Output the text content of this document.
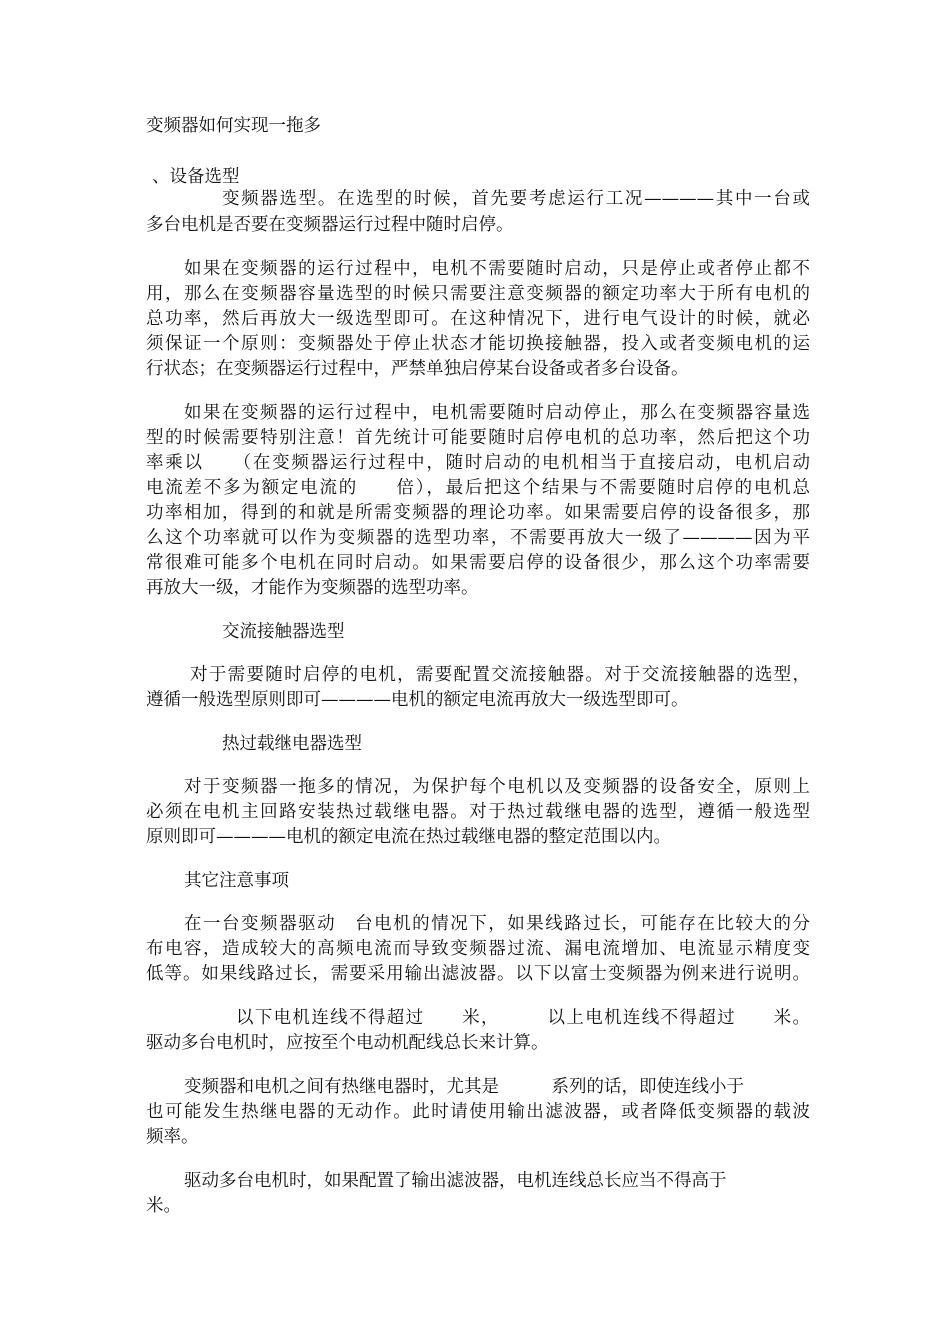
变频器如何实现一拖多
、设备选型
变频器选型。在选型的时候，首先要考虑运行工况————其中一台或
多台电机是否要在变频器运行过程中随时启停。
如果在变频器的运行过程中，电机不需要随时启动，只是停止或者停止都不
用，那么在变频器容量选型的时候只需要注意变频器的额定功率大于所有电机的
总功率，然后再放大一级选型即可。在这种情况下，进行电气设计的时候，就必
须保证一个原则：变频器处于停止状态才能切换接触器，投入或者变频电机的运
行状态；在变频器运行过程中，严禁单独启停某台设备或者多台设备。
如果在变频器的运行过程中，电机需要随时启动停止，那么在变频器容量选
型的时候需要特别注意！首先统计可能要随时启停电机的总功率，然后把这个功
率乘以　　（在变频器运行过程中，随时启动的电机相当于直接启动，电机启动
电流差不多为额定电流的　　倍），最后把这个结果与不需要随时启停的电机总
功率相加，得到的和就是所需变频器的理论功率。如果需要启停的设备很多，那
么这个功率就可以作为变频器的选型功率，不需要再放大一级了————因为平
常很难可能多个电机在同时启动。如果需要启停的设备很少，那么这个功率需要
再放大一级，才能作为变频器的选型功率。
交流接触器选型
对于需要随时启停的电机，需要配置交流接触器。对于交流接触器的选型，
遵循一般选型原则即可————电机的额定电流再放大一级选型即可。
热过载继电器选型
对于变频器一拖多的情况，为保护每个电机以及变频器的设备安全，原则上
必须在电机主回路安装热过载继电器。对于热过载继电器的选型，遵循一般选型
原则即可————电机的额定电流在热过载继电器的整定范围以内。
其它注意事项
在一台变频器驱动　台电机的情况下，如果线路过长，可能存在比较大的分
布电容，造成较大的高频电流而导致变频器过流、漏电流增加、电流显示精度变
低等。如果线路过长，需要采用输出滤波器。以下以富士变频器为例来进行说明。
以下电机连线不得超过　　米，　　　以上电机连线不得超过　　米。
驱动多台电机时，应按至个电动机配线总长来计算。
变频器和电机之间有热继电器时，尤其是　　　系列的话，即使连线小于
也可能发生热继电器的无动作。此时请使用输出滤波器，或者降低变频器的载波
频率。
驱动多台电机时，如果配置了输出滤波器，电机连线总长应当不得高于
米。
